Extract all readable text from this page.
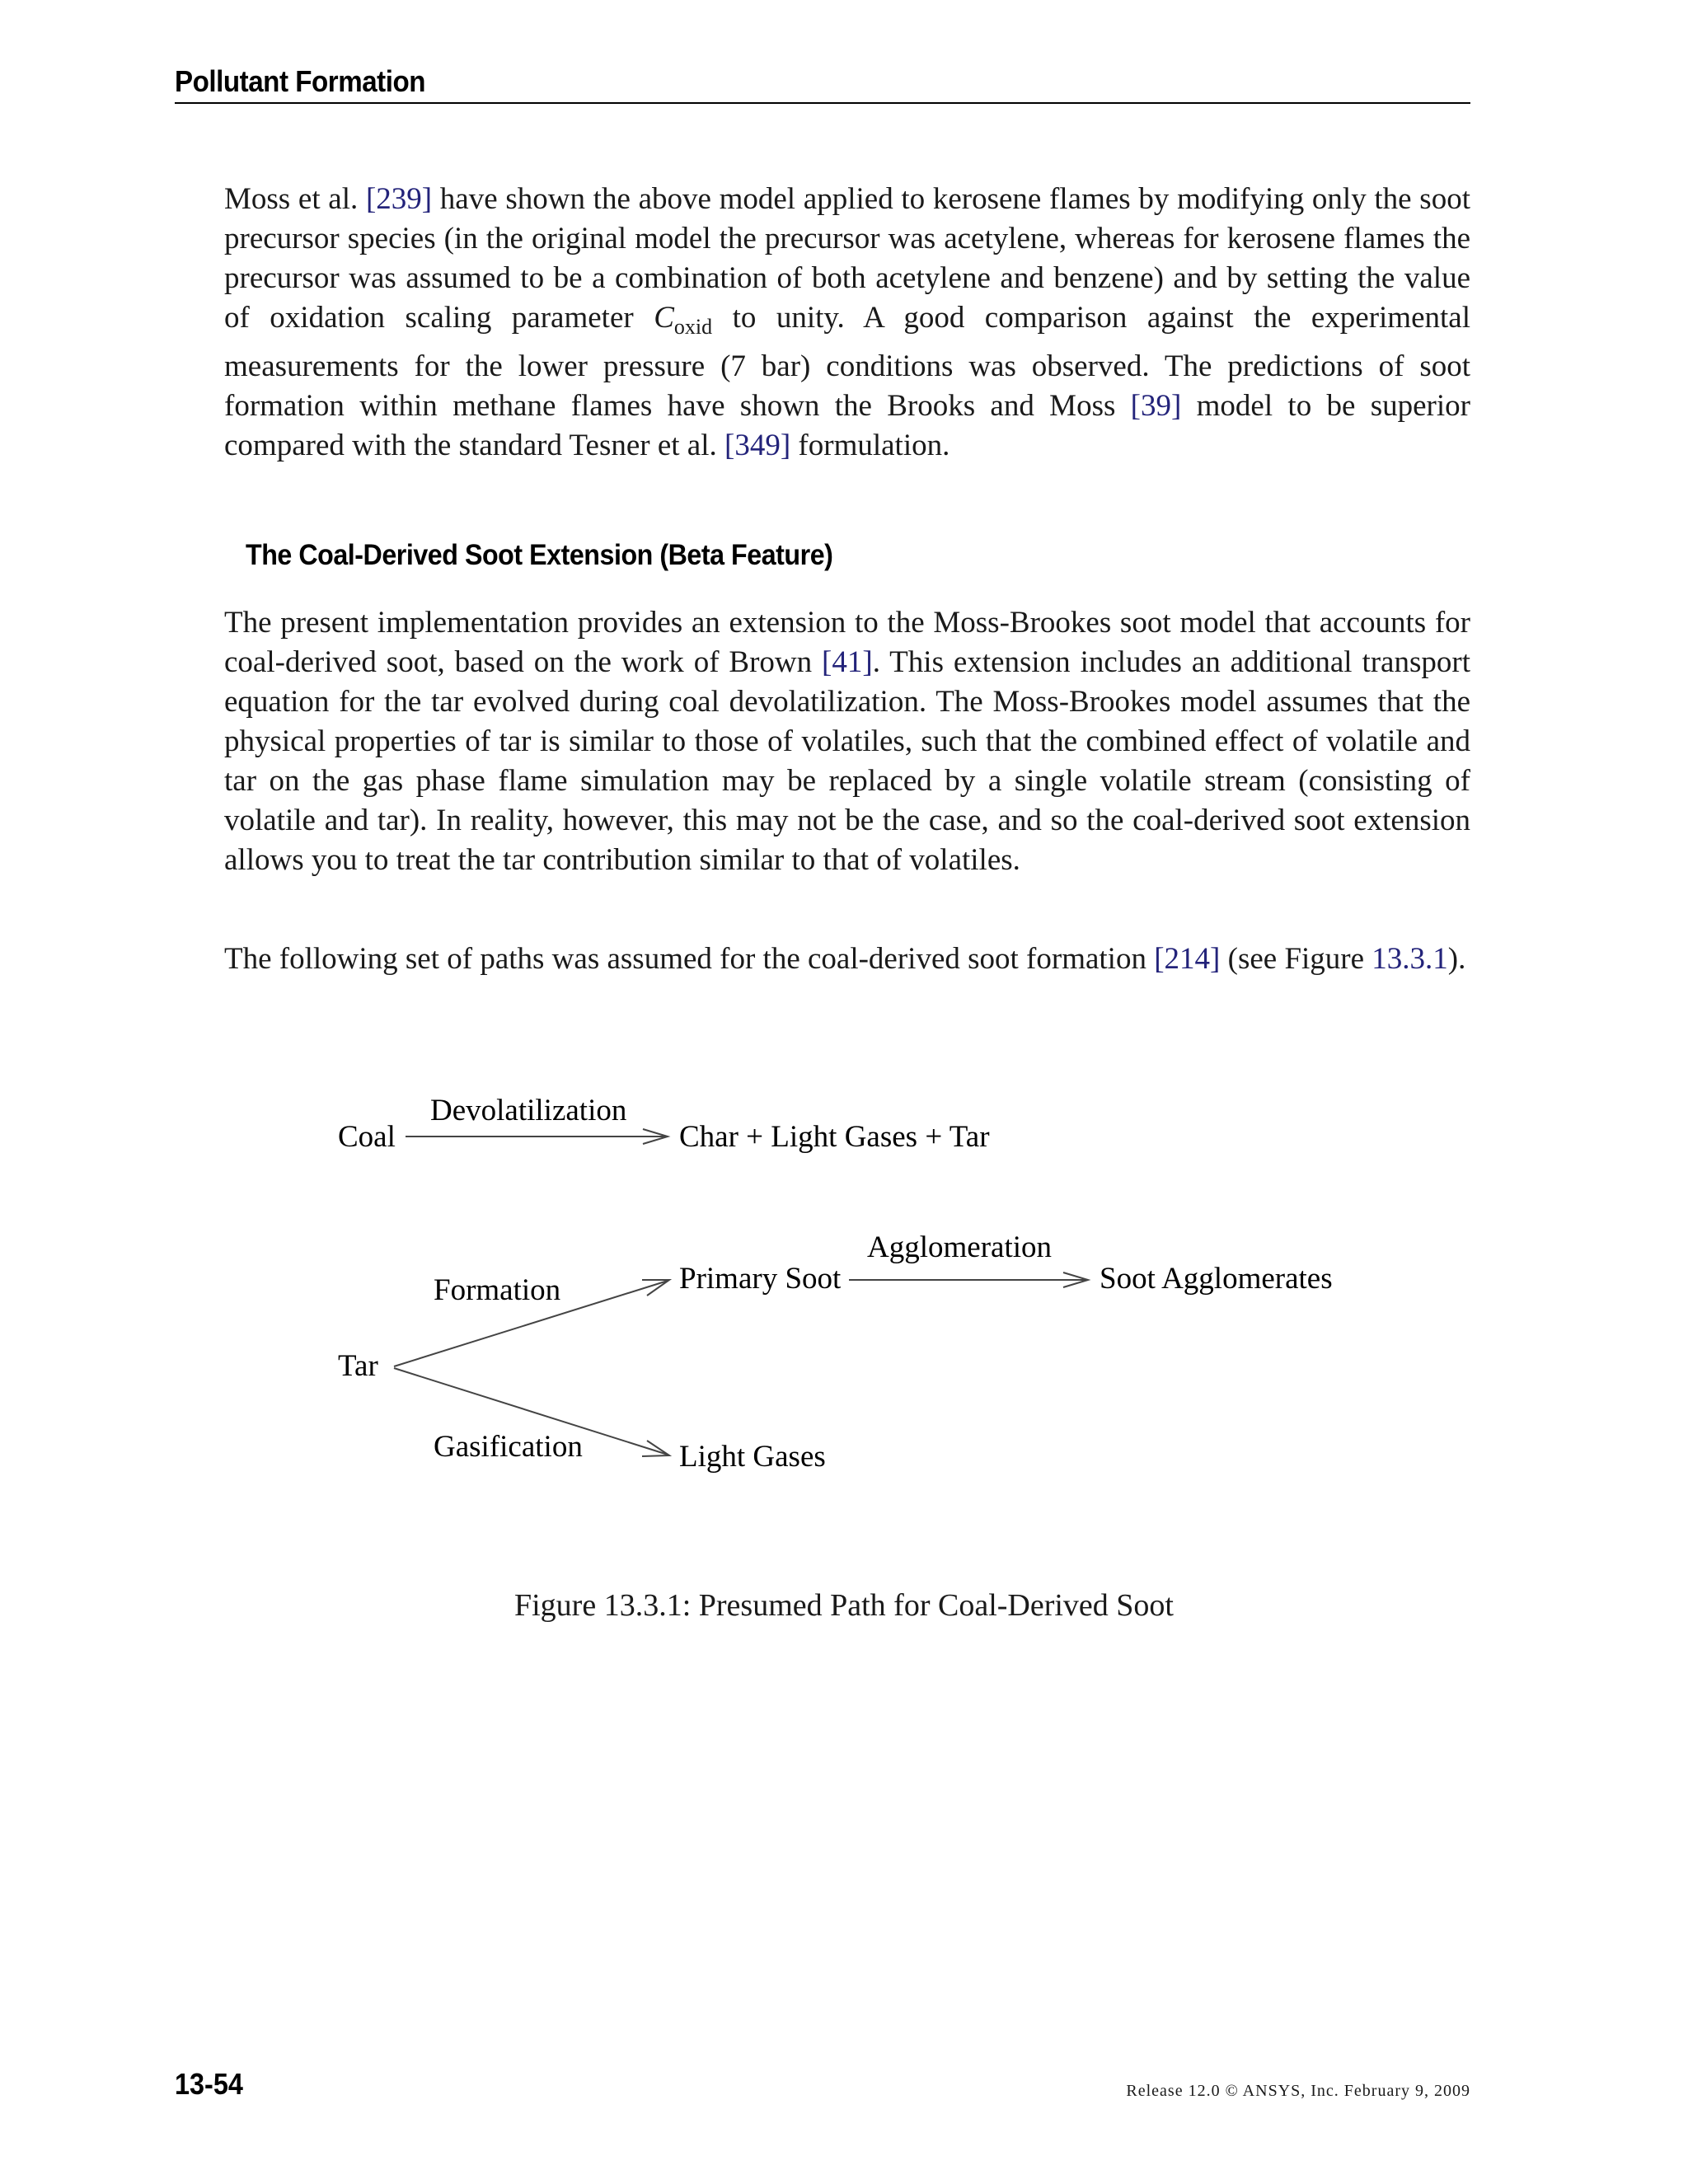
Pollutant Formation

Moss et al. [239] have shown the above model applied to kerosene flames by modifying only the soot precursor species (in the original model the precursor was acetylene, whereas for kerosene flames the precursor was assumed to be a combination of both acetylene and benzene) and by setting the value of oxidation scaling parameter $C_{oxid}$ to unity. A good comparison against the experimental measurements for the lower pressure (7 bar) conditions was observed. The predictions of soot formation within methane flames have shown the Brooks and Moss [39] model to be superior compared with the standard Tesner et al. [349] formulation.

The Coal-Derived Soot Extension (Beta Feature)

The present implementation provides an extension to the Moss-Brookes soot model that accounts for coal-derived soot, based on the work of Brown [41]. This extension includes an additional transport equation for the tar evolved during coal devolatilization. The Moss-Brookes model assumes that the physical properties of tar is similar to those of volatiles, such that the combined effect of volatile and tar on the gas phase flame simulation may be replaced by a single volatile stream (consisting of volatile and tar). In reality, however, this may not be the case, and so the coal-derived soot extension allows you to treat the tar contribution similar to that of volatiles.

The following set of paths was assumed for the coal-derived soot formation [214] (see Figure 13.3.1).

Coal
Devolatilization
Char + Light Gases + Tar
Agglomeration
Formation	Primary Soot	Soot Agglomerates
Tar
Gasification	Light Gases
Figure 13.3.1: Presumed Path for Coal-Derived Soot
13-54	Release 12.0 © ANSYS, Inc. February 9, 2009
